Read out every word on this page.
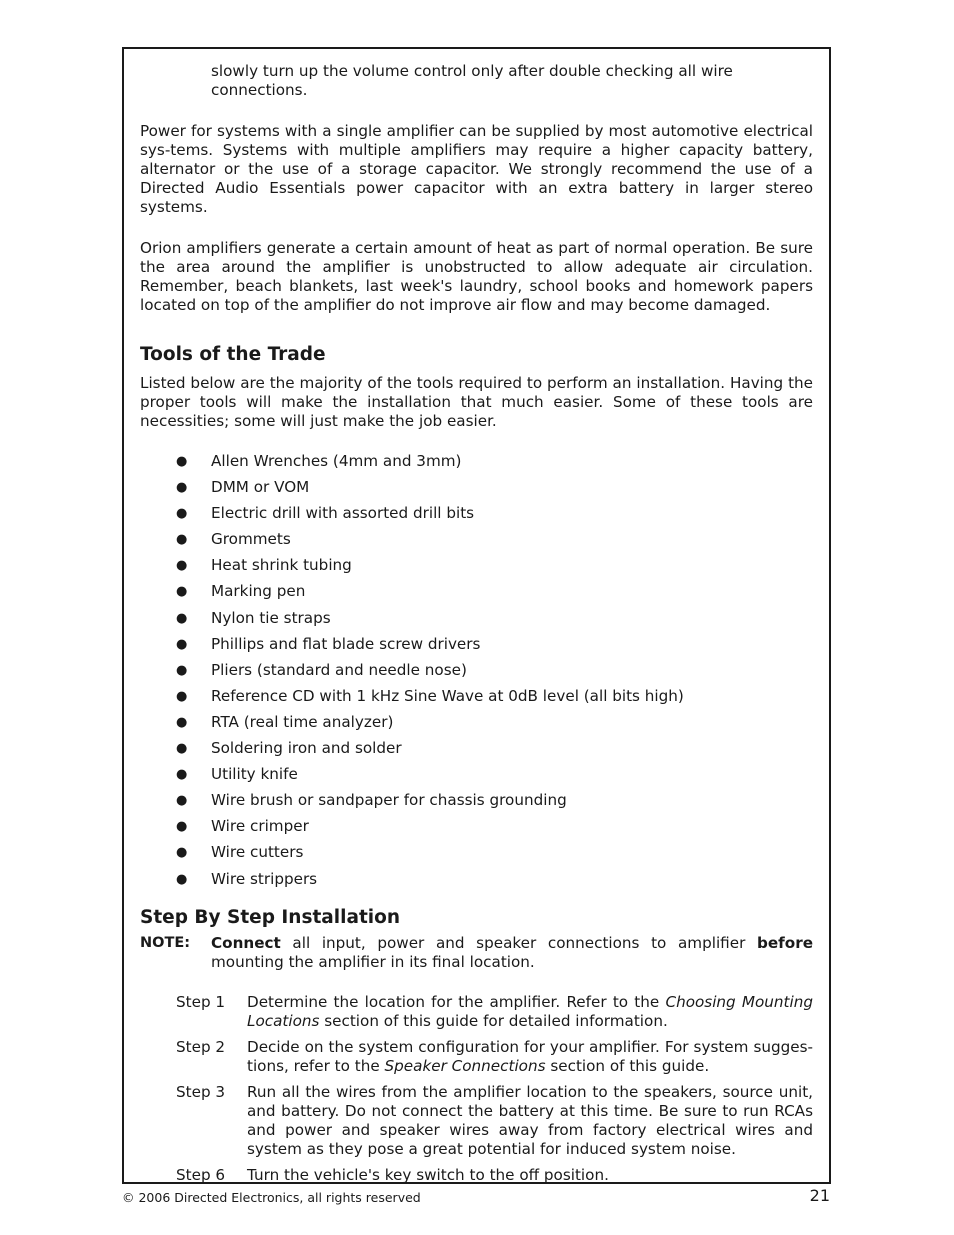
slowly turn up the volume control only after double checking all wire connections.

Power for systems with a single amplifier can be supplied by most automotive electrical sys-tems. Systems with multiple amplifiers may require a higher capacity battery, alternator or the use of a storage capacitor. We strongly recommend the use of a Directed Audio Essentials power capacitor with an extra battery in larger stereo systems.

Orion amplifiers generate a certain amount of heat as part of normal operation. Be sure the area around the amplifier is unobstructed to allow adequate air circulation. Remember, beach blankets, last week's laundry, school books and homework papers located on top of the amplifier do not improve air flow and may become damaged.

Tools of the Trade

Listed below are the majority of the tools required to perform an installation. Having the proper tools will make the installation that much easier. Some of these tools are necessities; some will just make the job easier.

● Allen Wrenches (4mm and 3mm)
● DMM or VOM
● Electric drill with assorted drill bits
● Grommets
● Heat shrink tubing
● Marking pen
● Nylon tie straps
● Phillips and flat blade screw drivers
● Pliers (standard and needle nose)
● Reference CD with 1 kHz Sine Wave at 0dB level (all bits high)
● RTA (real time analyzer)
● Soldering iron and solder
● Utility knife
● Wire brush or sandpaper for chassis grounding
● Wire crimper
● Wire cutters
● Wire strippers
Step By Step Installation
NOTE:	Connect all input, power and speaker connections to amplifier before mounting the amplifier in its final location.
Step 1	Determine the location for the amplifier. Refer to the Choosing Mounting Locations section of this guide for detailed information.
Step 2	Decide on the system configuration for your amplifier. For system sugges-tions, refer to the Speaker Connections section of this guide.
Step 3	Run all the wires from the amplifier location to the speakers, source unit, and battery. Do not connect the battery at this time. Be sure to run RCAs and power and speaker wires away from factory electrical wires and system as they pose a great potential for induced system noise.
Step 6	Turn the vehicle's key switch to the off position.
© 2006 Directed Electronics, all rights reserved	21
